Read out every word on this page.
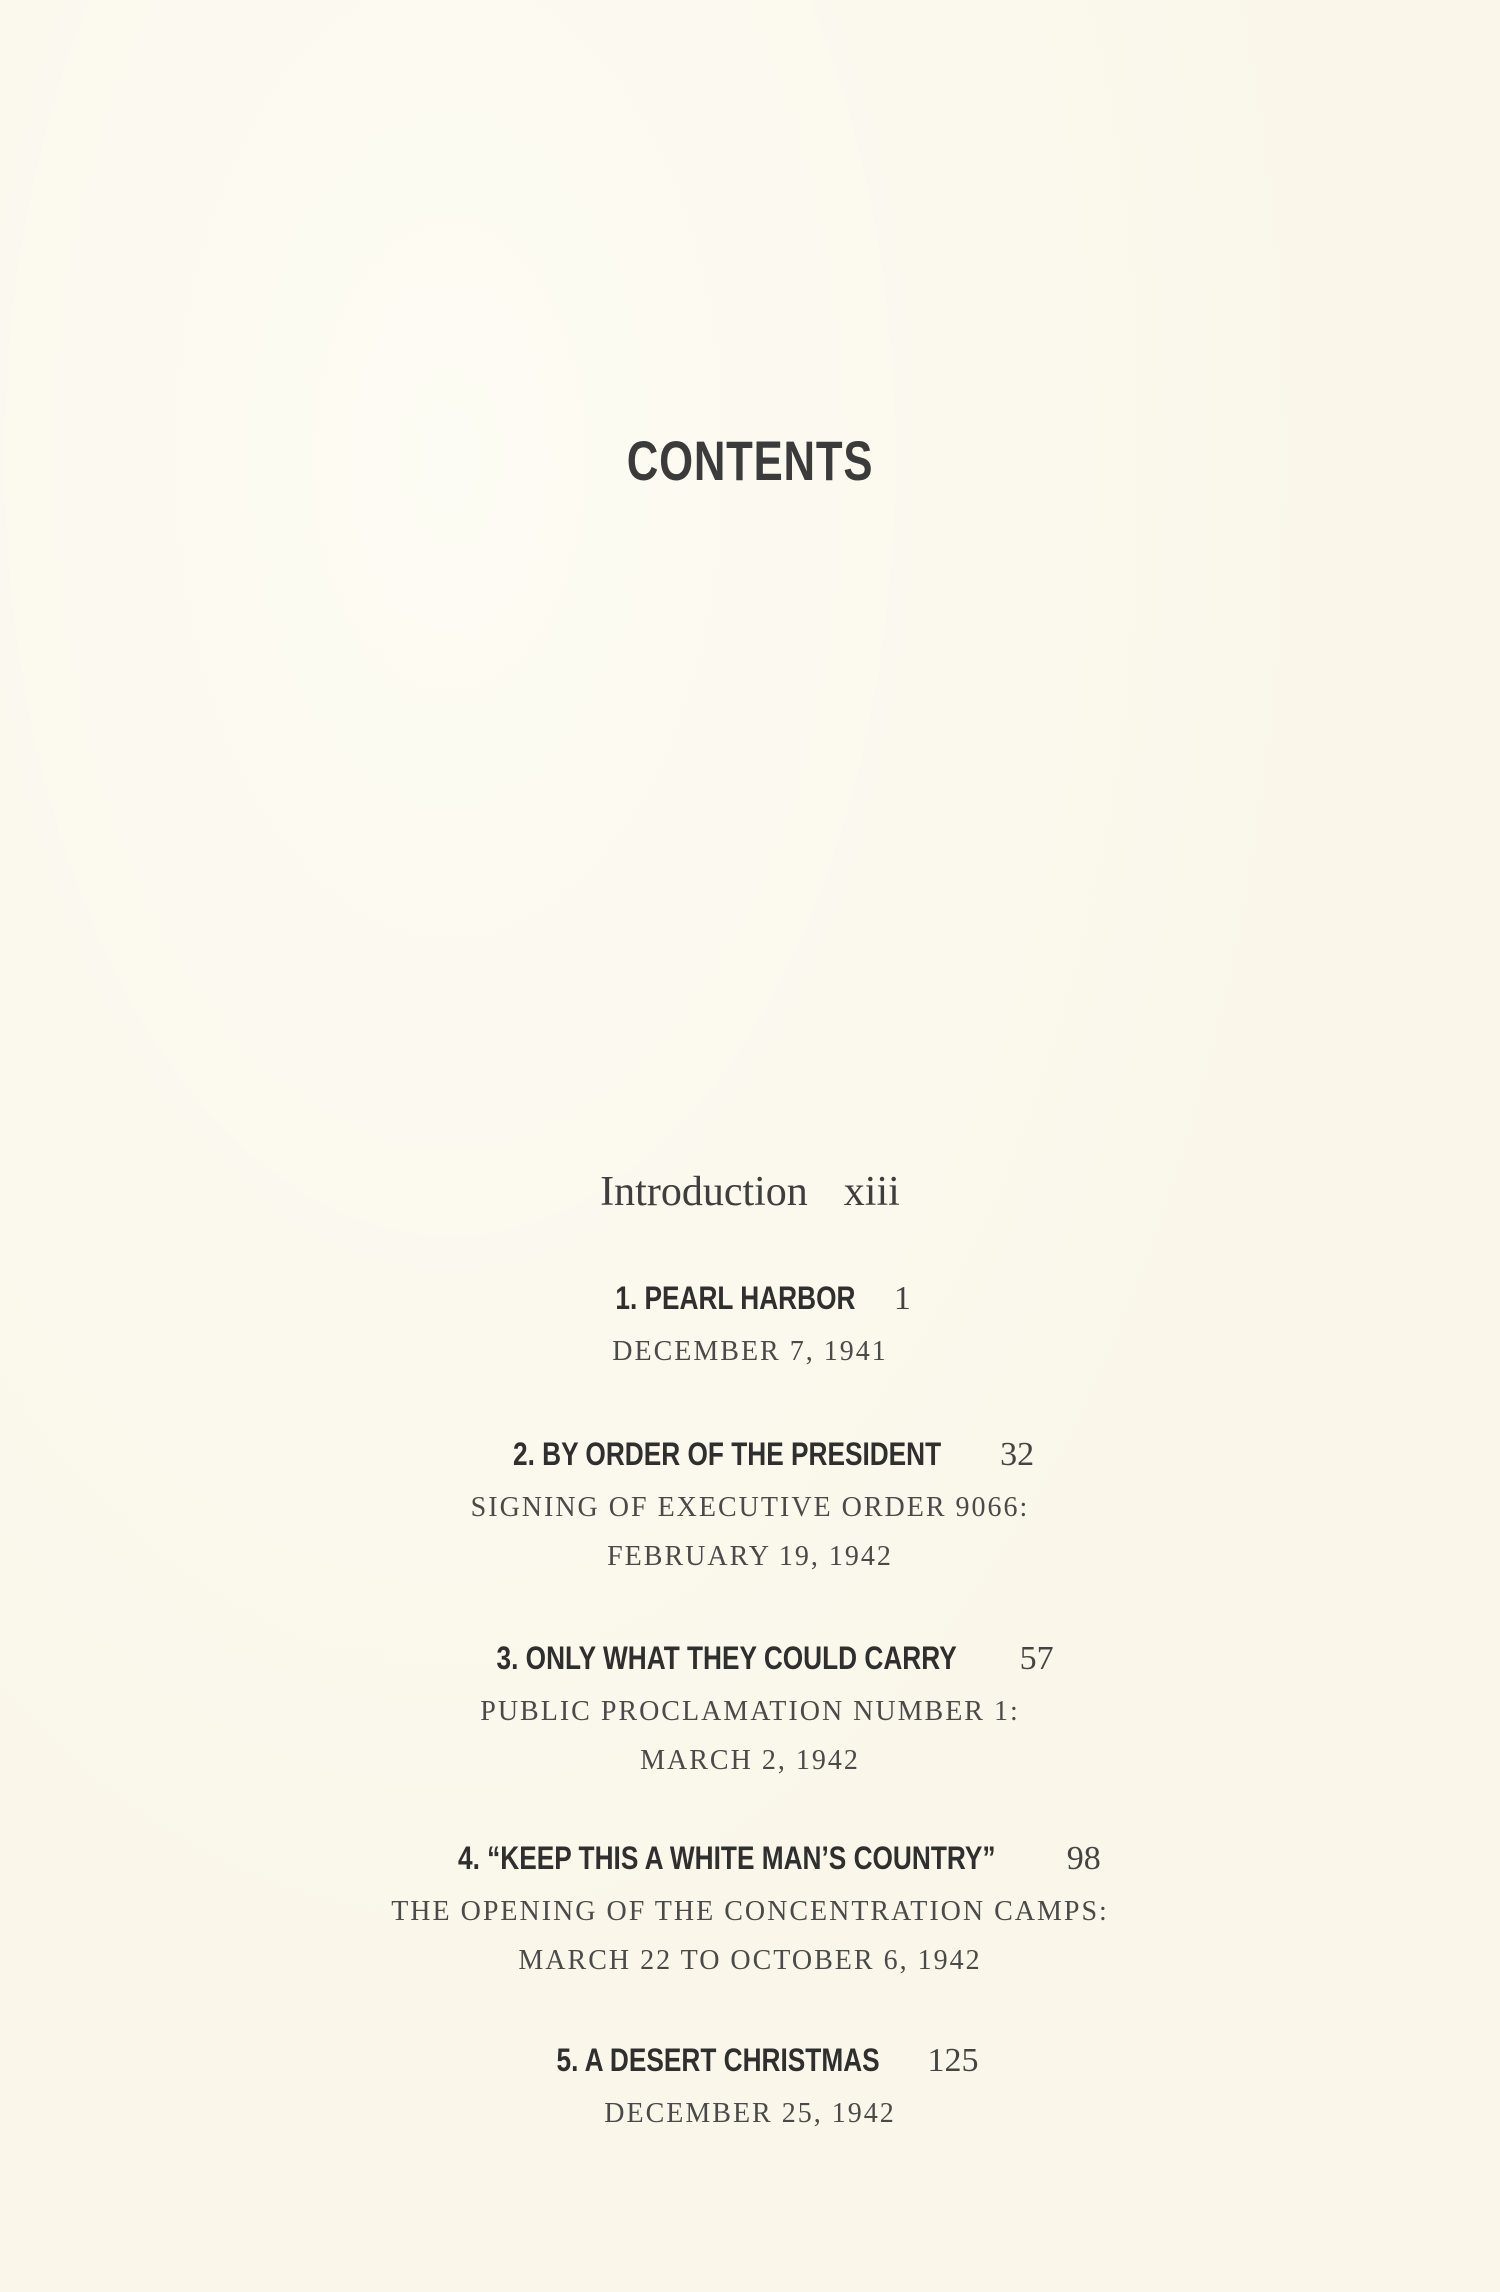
CONTENTS
Introduction xiii
1. PEARL HARBOR 1
DECEMBER 7, 1941
2. BY ORDER OF THE PRESIDENT 32
SIGNING OF EXECUTIVE ORDER 9066:
FEBRUARY 19, 1942
3. ONLY WHAT THEY COULD CARRY 57
PUBLIC PROCLAMATION NUMBER 1:
MARCH 2, 1942
4. “KEEP THIS A WHITE MAN’S COUNTRY” 98
THE OPENING OF THE CONCENTRATION CAMPS:
MARCH 22 TO OCTOBER 6, 1942
5. A DESERT CHRISTMAS 125
DECEMBER 25, 1942
